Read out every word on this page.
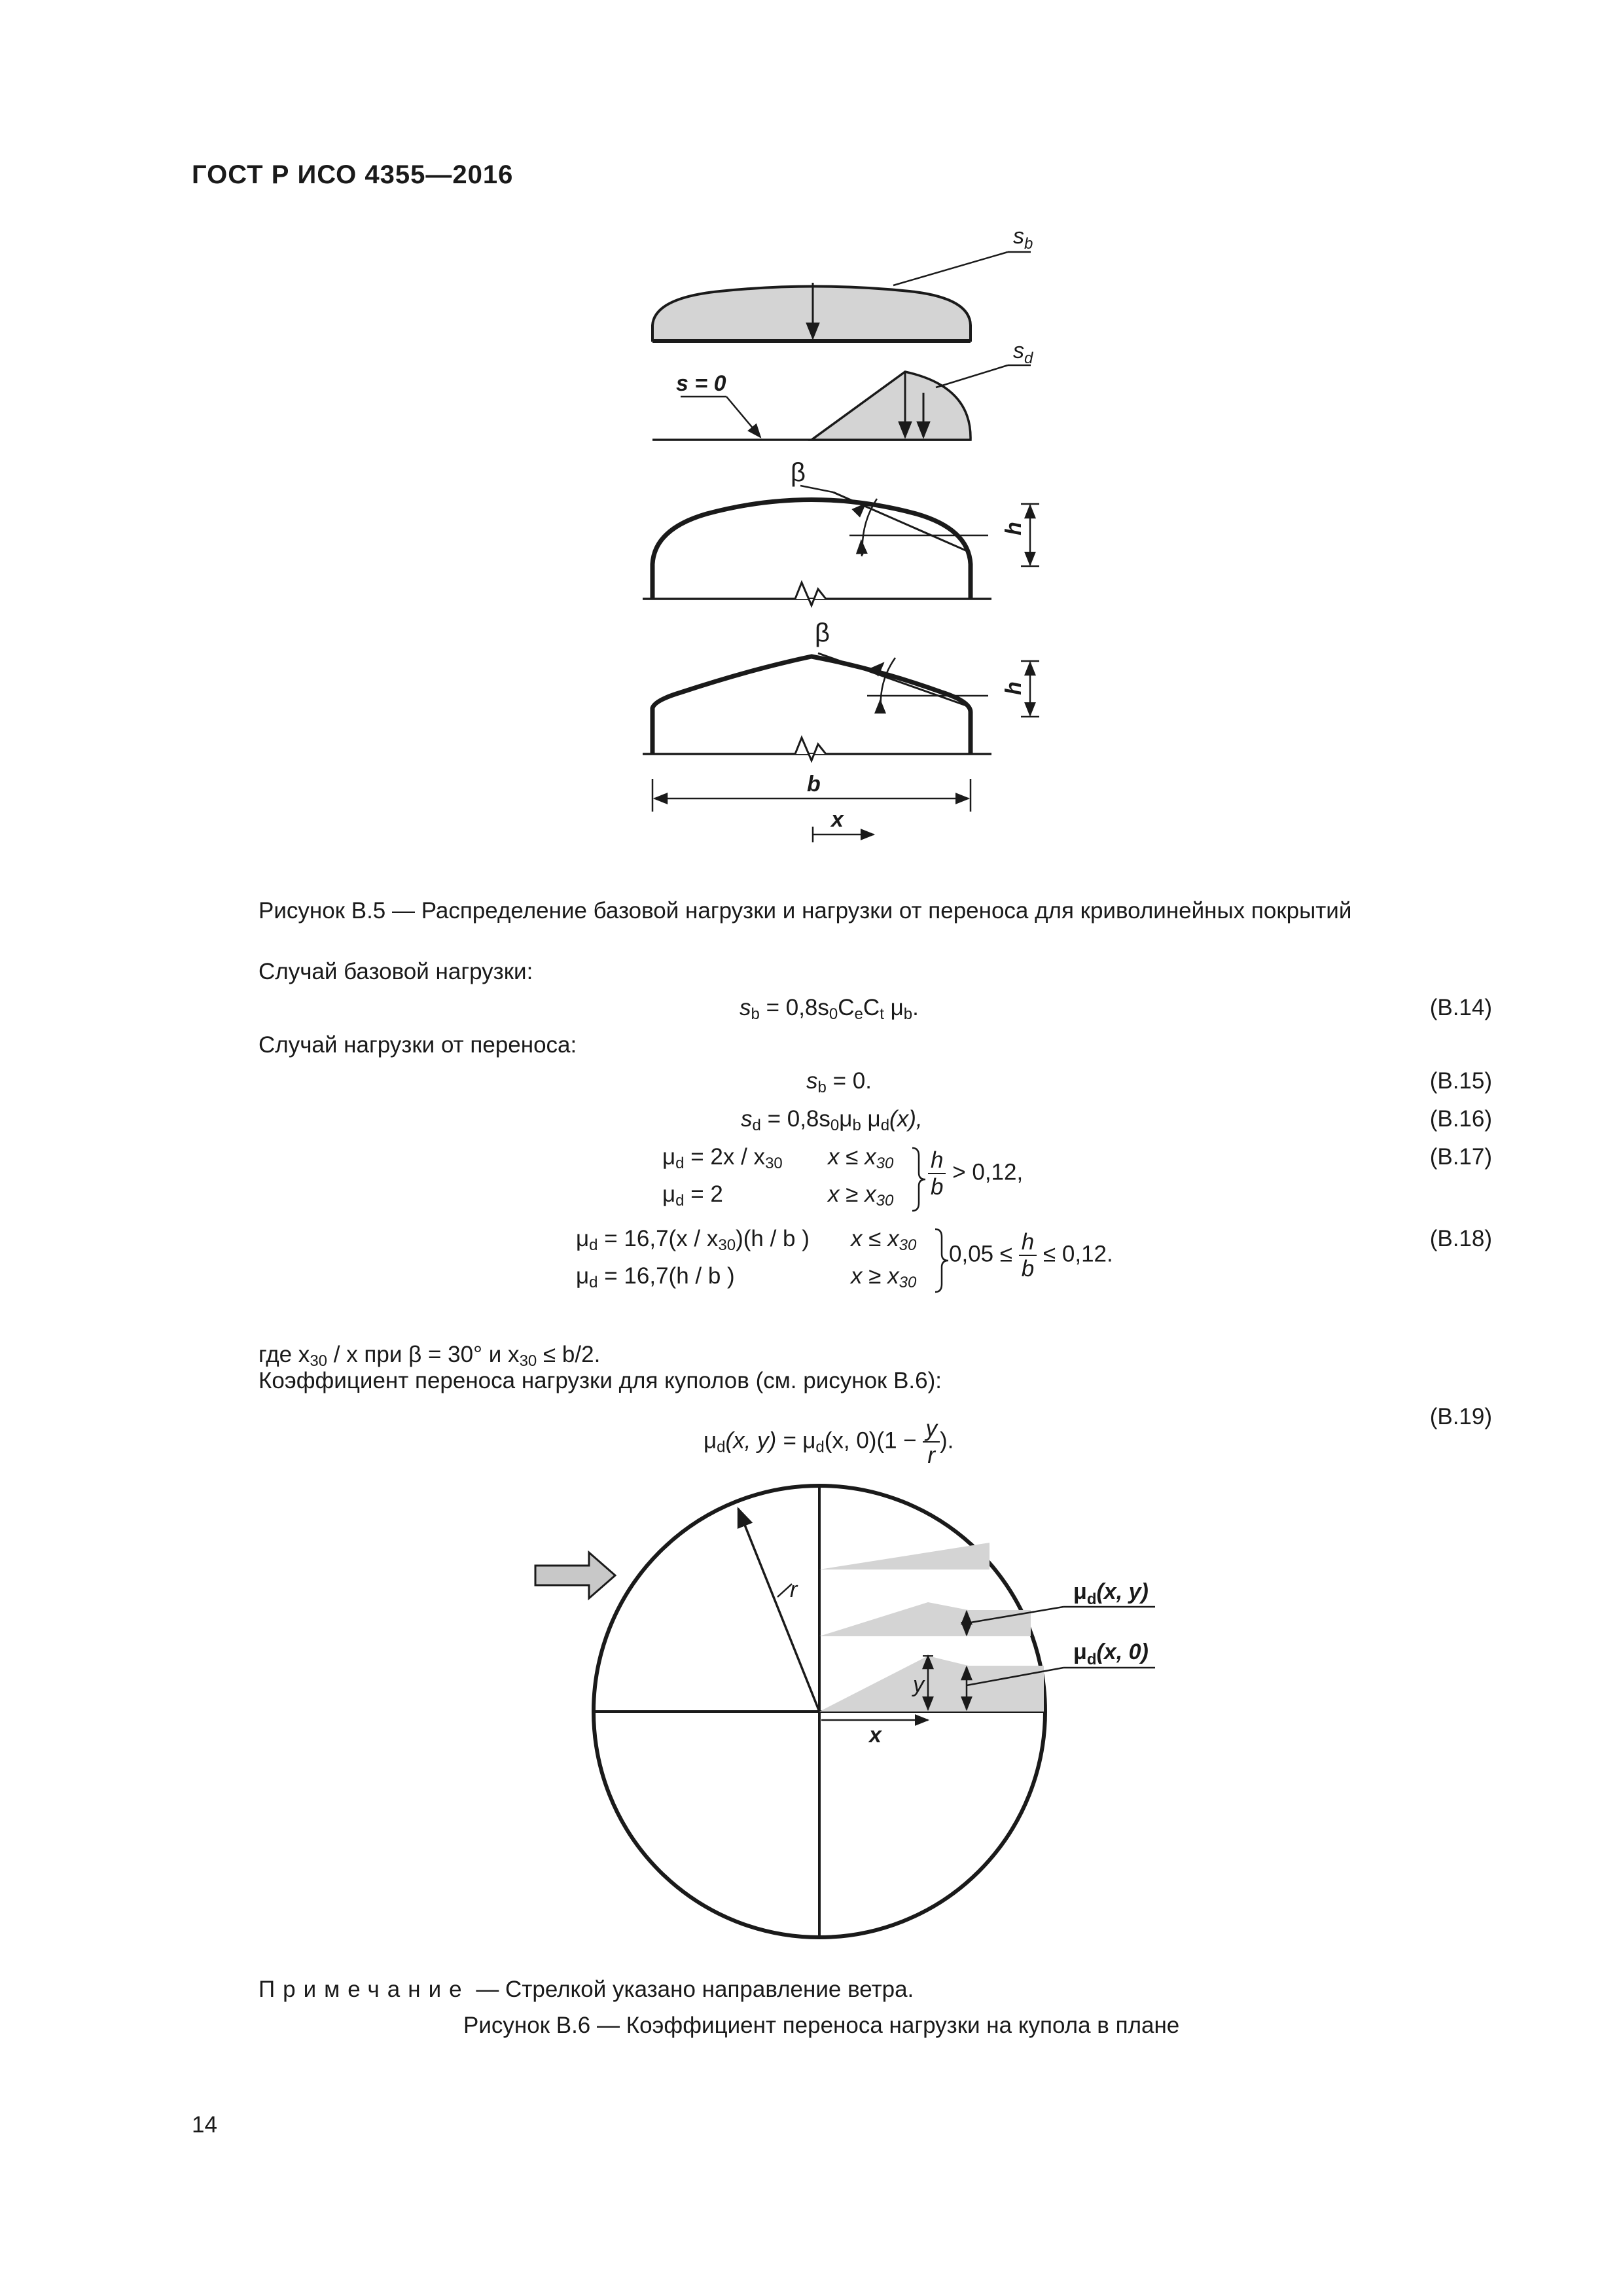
ГОСТ Р ИСО 4355—2016
$s_b$
$s_d$
s = 0
β
h
β
h
b
x
Рисунок В.5 — Распределение базовой нагрузки и нагрузки от переноса для криволинейных покрытий
Случай базовой нагрузки:
$s_b = 0,8s_0C_eC_t$ $\mu_b$.	(В.14)
Случай нагрузки от переноса:
$s_b = 0$.	(В.15)
$s_d = 0,8s_0\mu_b$ $\mu_d(x)$,	(В.16)
$\mu_d = 2x / x_{30}$ $x \le x_{30}$
$\mu_d = 2$	$x \ge x_{30}$
$\frac{h}{b} > 0,12$,
(В.17)
$\mu_d = 16,7(x / x_{30})(h / b$ ) $x \le x_{30}$
$\mu_d = 16,7(h / b$ )	$x \ge x_{30}$
$0,05 \le \frac{h}{b} \le 0,12$.
(В.18)
где $x_{30}$ / x при β = 30° и $x_{30} \le b/2$.
Коэффициент переноса нагрузки для куполов (см. рисунок В.6):
$\mu_d(x$, $y) = \mu_d(x$, $0)(1 - \frac{y}{r}$ ).
(В.19)
r
y
x
$\mu_d(x$, y)
$\mu_d(x$, 0)
Примечание — Стрелкой указано направление ветра.
Рисунок В.6 — Коэффициент переноса нагрузки на купола в плане
14
